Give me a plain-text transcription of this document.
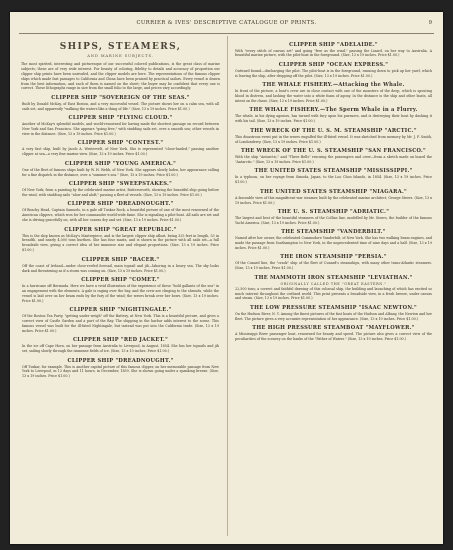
CURRIER & IVES' DESCRIPTIVE CATALOGUE OF PRINTS.	9
SHIPS, STEAMERS,
AND MARINE SUBJECTS.
The most spirited, interesting and picturesque of our successful colored publications, is the great class of marine subjects; these are of very wide interest. For beauty of coloring, fidelity to details and accuracy of proportion our clipper ship prints have been unrivaled, and the clipper models are here. The representations of the famous clipper ships which made fast passages to California and China have been praised by practical sailors. Every vessel is drawn from the best information, and each of them is named on the sheet; the buyer may be confident that every one is correct. These lithographs range in size from the small folio to the large, and prices vary accordingly.
CLIPPER SHIP "SOVEREIGN OF THE SEAS."
Built by Donald McKay, of East Boston, and a very successful vessel. The picture shows her on a calm sea, with all sails set, and apparently "walking the waters like a thing of life." (Size, 13 x 19 inches. Price $1.00.)
CLIPPER SHIP "FLYING CLOUD."
Another of McKay's splendid models, and world-renowned for having made the shortest passage on record between New York and San Francisco. She appears "going free," with studding sails set, over a smooth sea; other vessels in view in the distance. (Size, 13 x 19 inches. Price $1.00.)
CLIPPER SHIP "CONTEST."
A very fast ship, built by Jacob A. Westervelt, of New York. She is represented "close-hauled," passing another clipper at sea—a very fine marine view. (Size, 13 x 19 inches. Price $1.00.)
CLIPPER SHIP "YOUNG AMERICA."
One of the fleet of famous ships built by W. H. Webb, of New York. She appears slowly laden, her appearance calling for a fine dispatch in the distance, over a "summer's sea." (Size, 13 x 19 inches. Price $1.00.)
CLIPPER SHIP "SWEEPSTAKES."
Of New York, from a painting by the celebrated marine artist, Buttersworth, showing the beautiful ship going before the wind, with studding sails "alow and aloft," passing a fleet of vessels. (Size, 13 x 19 inches. Price $1.00.)
CLIPPER SHIP "DREADNOUGHT."
Of Beachy Head, Captain Samuels, in a gale off Tuskar Rock, a beautiful picture of one of the most renowned of the American clippers, which won for her commander world-wide fame. She is signaling a pilot-boat. All sails are set and she is driving gracefully on, with all her canvas dry and set. (Size, 13 x 19 inches. Price $1.00.)
CLIPPER SHIP "GREAT REPUBLIC."
This is the ship known as McKay's Masterpiece, and is the largest clipper ship afloat, being 325 feet in length, 53 in breadth, and nearly 4,000 tons burthen. She has four masts, and is shown in the picture with all sails set—a full broadside view, giving a correct idea of her immense size and elegant proportions. (Size, 13 x 19 inches. Price $1.00.)
CLIPPER SHIP "RACER."
Off the coast of Ireland—under close-reefed foresail, main topsail and jib—laboring in a heavy sea. The sky looks dark and threatening as if a storm was coming on. (Size, 13 x 19 inches. Price $1.00.)
CLIPPER SHIP "COMET."
In a hurricane off Bermuda. Here we have a vivid illustration of the experience of these "bold gallants of the sea" in an engagement with the elements. A gale is raging over the bay, and the crew are clinging to the shrouds, while the vessel is laid over on her beam ends by the fury of the wind; the waves break over her bows. (Size, 13 x 19 inches. Price $1.00.)
CLIPPER SHIP "NIGHTINGALE."
Of the Boston Tea Party, "getting under weigh" off the Battery, at New York. This is a beautiful picture, and gives a correct view of Castle Garden and a part of the Bay. The shipping in the harbor adds interest to the scene. This famous vessel was built for the ill-fated Nightingale, but instead was put into the California trade. (Size, 13 x 19 inches. Price $1.00.)
CLIPPER SHIP "RED JACKET."
In the ice off Cape Horn, on her passage from Australia to Liverpool, in August, 1854. She has her topsails and jib set, sailing slowly through the immense fields of ice. (Size, 13 x 19 inches. Price $1.00.)
CLIPPER SHIP "DREADNOUGHT."
Off Tuskar, for example. This is another capital picture of this famous clipper, on her memorable passage from New York to Liverpool, in 13 days and 11 hours, in December, 1859. She is shown going under a spanking breeze. (Size, 13 x 19 inches. Price $1.00.)
CLIPPER SHIP "ADELAIDE."
With "every stitch of canvas set" and going "free as the wind," passing the Lizard, on her way to Australia. A beautiful marine picture, with the pilot-boat in the foreground. (Size, 13 x 19 inches. Price $1.00.)
CLIPPER SHIP "OCEAN EXPRESS."
Outward bound—discharging the pilot. The pilot-boat is in the foreground, running down to pick up her yawl, which is leaving the ship, after dropping off the pilot. (Size, 13 x 19 inches. Price $1.00.)
THE WHALE FISHERY.—Attacking the Whale.
In front of the picture, a boat's crew are in close contact with one of the monsters of the deep, which is spouting blood in distress, and lashing the water into a white foam of agony. In the distance is the ship and other boats, all intent on the chase. (Size, 13 x 19 inches. Price $1.00.)
THE WHALE FISHERY.—The Sperm Whale in a Flurry.
The whale, in his dying agonies, has turned with fury upon his pursuers, and is destroying their boat by dashing it with his tail. (Size, 13 x 19 inches. Price $1.00.)
THE WRECK OF THE U. S. M. STEAMSHIP "ARCTIC."
This disastrous event put in the waves engulfed the ill-fated vessel. It was sketched from memory by Mr. J. F. Smith, of Londonderry. (Size, 13 x 19 inches. Price $1.00.)
THE WRECK OF THE U. S. STEAMSHIP "SAN FRANCISCO."
With the ship "Antarctic," and "Three Bells" rescuing the passengers and crew—from a sketch made on board the "Antarctic." (Size, 13 x 19 inches. Price $1.00.)
THE UNITED STATES STEAMSHIP "MISSISSIPPI."
In a typhoon, on her voyage from Simoda, Japan, to the Loo Choo Islands, in 1854. (Size, 13 x 19 inches. Price $1.00.)
THE UNITED STATES STEAMSHIP "NIAGARA."
A favorable view of this magnificent war steamer, built by the celebrated marine architect, George Steers. (Size, 13 x 19 inches. Price $1.00.)
THE U. S. STEAMSHIP "ADRIATIC."
The largest and best of the beautiful steamers of the Collins line, modelled by Mr. Steers, the builder of the famous Yacht America. (Size, 13 x 19 inches. Price $1.00.)
THE STEAMSHIP "VANDERBILT."
Named after her owner, the celebrated Commodore Vanderbilt, of New York. She has two walking beam engines, and made the passage from Southampton to New York, in the unprecedented time of nine days and a half. (Size, 13 x 19 inches. Price $1.00.)
THE IRON STEAMSHIP "PERSIA."
Of the Cunard line, the "crack" ship of the fleet of Cunard's steamships, with many other trans-Atlantic steamers. (Size, 13 x 19 inches. Price $1.00.)
THE MAMMOTH IRON STEAMSHIP "LEVIATHAN."
ORIGINALLY CALLED THE "GREAT EASTERN."
22,500 tons; a correct and faithful drawing of this colossal ship, the building and launching of which has excited so much interest throughout the civilized world. This print presents a broadside view, in a fresh breeze, under canvas and steam. (Size, 13 x 19 inches. Price $1.00.)
THE LOW PRESSURE STEAMSHIP "ISAAC NEWTON."
On the Hudson River, N. Y. Among the finest pictures of the fast boats of the Hudson and Albany, the Newton and her fleet. The picture gives a very accurate representation of her appearance. (Size, 13 x 19 inches. Price $1.00.)
THE HIGH PRESSURE STEAMBOAT "MAYFLOWER."
A Mississippi River passenger boat, renowned for beauty and speed. The picture also gives a correct view of the peculiarities of the scenery on the banks of the "Father of Waters." (Size, 13 x 19 inches. Price $1.00.)
